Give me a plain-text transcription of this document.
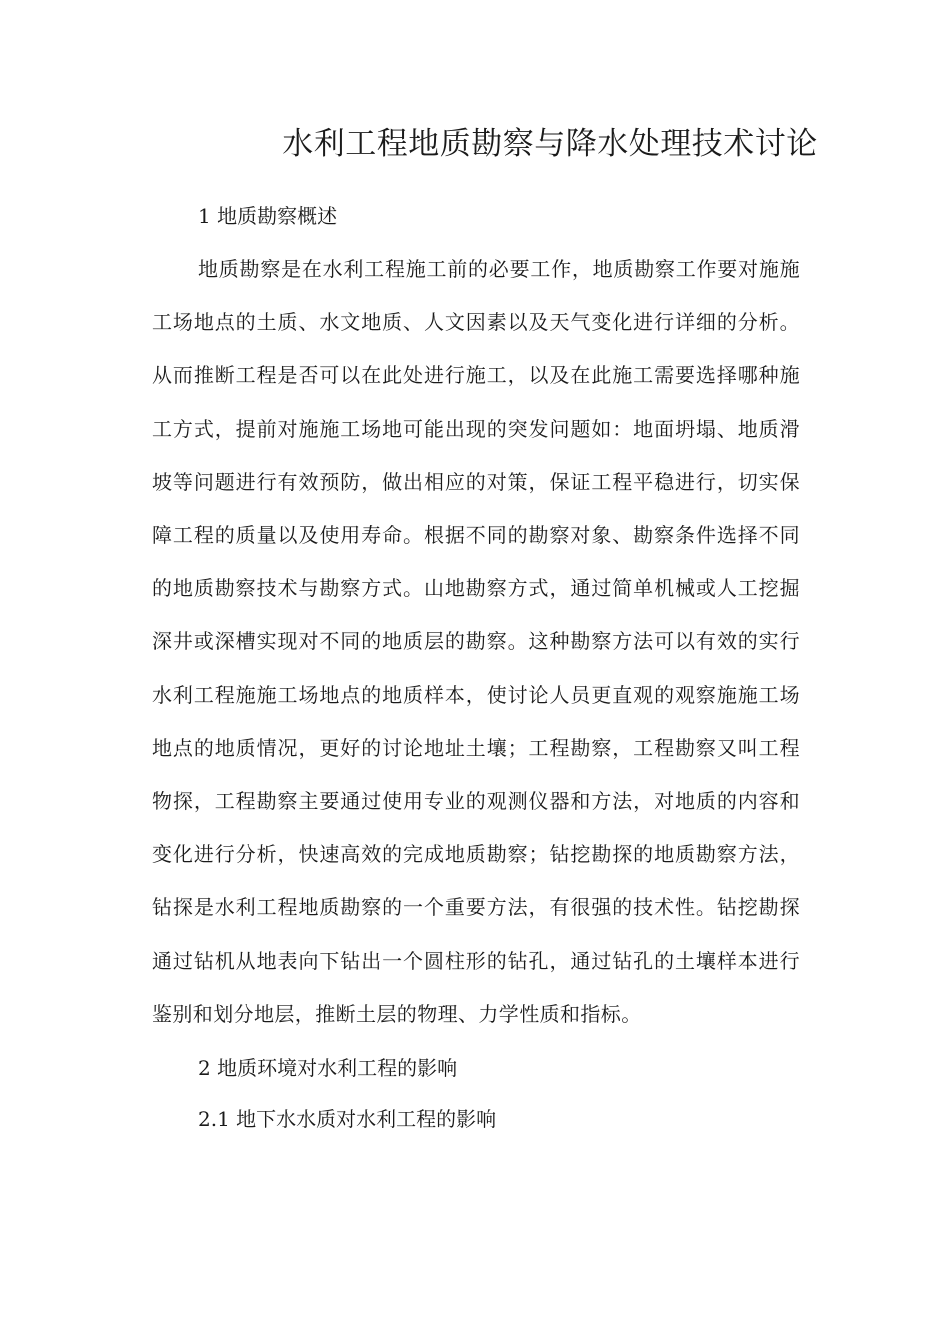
水利工程地质勘察与降水处理技术讨论
1 地质勘察概述

地质勘察是在水利工程施工前的必要工作，地质勘察工作要对施施工场地点的土质、水文地质、人文因素以及天气变化进行详细的分析。从而推断工程是否可以在此处进行施工，以及在此施工需要选择哪种施工方式，提前对施施工场地可能出现的突发问题如：地面坍塌、地质滑坡等问题进行有效预防，做出相应的对策，保证工程平稳进行，切实保障工程的质量以及使用寿命。根据不同的勘察对象、勘察条件选择不同的地质勘察技术与勘察方式。山地勘察方式，通过简单机械或人工挖掘深井或深槽实现对不同的地质层的勘察。这种勘察方法可以有效的实行水利工程施施工场地点的地质样本，使讨论人员更直观的观察施施工场地点的地质情况，更好的讨论地址土壤；工程勘察，工程勘察又叫工程物探，工程勘察主要通过使用专业的观测仪器和方法，对地质的内容和变化进行分析，快速高效的完成地质勘察；钻挖勘探的地质勘察方法，钻探是水利工程地质勘察的一个重要方法，有很强的技术性。钻挖勘探通过钻机从地表向下钻出一个圆柱形的钻孔，通过钻孔的土壤样本进行鉴别和划分地层，推断土层的物理、力学性质和指标。

2 地质环境对水利工程的影响
2.1 地下水水质对水利工程的影响
